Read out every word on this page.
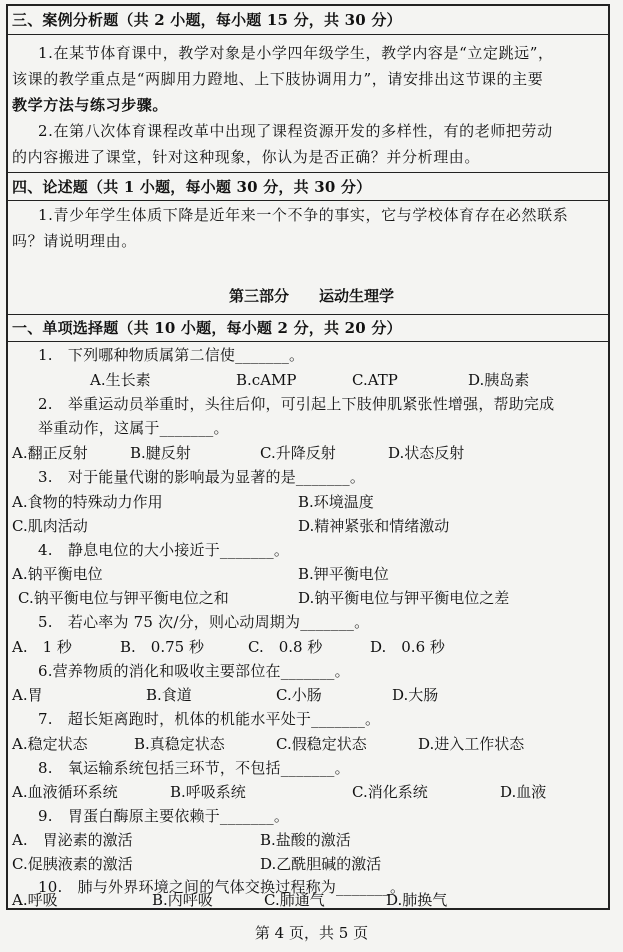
三、案例分析题（共 2 小题，每小题 15 分，共 30 分）
1.在某节体育课中，教学对象是小学四年级学生，教学内容是“立定跳远”，
该课的教学重点是“两脚用力蹬地、上下肢协调用力”，请安排出这节课的主要
教学方法与练习步骤。
2.在第八次体育课程改革中出现了课程资源开发的多样性，有的老师把劳动
的内容搬进了课堂，针对这种现象，你认为是否正确？并分析理由。
四、论述题（共 1 小题，每小题 30 分，共 30 分）
1.青少年学生体质下降是近年来一个不争的事实，它与学校体育存在必然联系
吗？请说明理由。
第三部分　　运动生理学
一、单项选择题（共 10 小题，每小题 2 分，共 20 分）
1.　下列哪种物质属第二信使_______。
A.生长素	B.cAMP	C.ATP	D.胰岛素
2.　举重运动员举重时，头往后仰，可引起上下肢伸肌紧张性增强，帮助完成
举重动作，这属于_______。
A.翻正反射	B.腱反射	C.升降反射	D.状态反射
3.　对于能量代谢的影响最为显著的是_______。
A.食物的特殊动力作用	B.环境温度
C.肌肉活动	D.精神紧张和情绪激动
4.　静息电位的大小接近于_______。
A.钠平衡电位	B.钾平衡电位
C.钠平衡电位与钾平衡电位之和	D.钠平衡电位与钾平衡电位之差
5.　若心率为 75 次/分，则心动周期为_______。
A.　1 秒	B.　0.75 秒	C.　0.8 秒	D.　0.6 秒
6.营养物质的消化和吸收主要部位在_______。
A.胃	B.食道	C.小肠	D.大肠
7.　超长矩离跑时，机体的机能水平处于_______。
A.稳定状态	B.真稳定状态	C.假稳定状态	D.进入工作状态
8.　氧运输系统包括三环节，不包括_______。
A.血液循环系统	B.呼吸系统	C.消化系统	D.血液
9.　胃蛋白酶原主要依赖于_______。
A.　胃泌素的激活	B.盐酸的激活
C.促胰液素的激活	D.乙酰胆碱的激活
10.　肺与外界环境之间的气体交换过程称为_______。
A.呼吸	B.内呼吸	C.肺通气	D.肺换气
第 4 页，共 5 页
